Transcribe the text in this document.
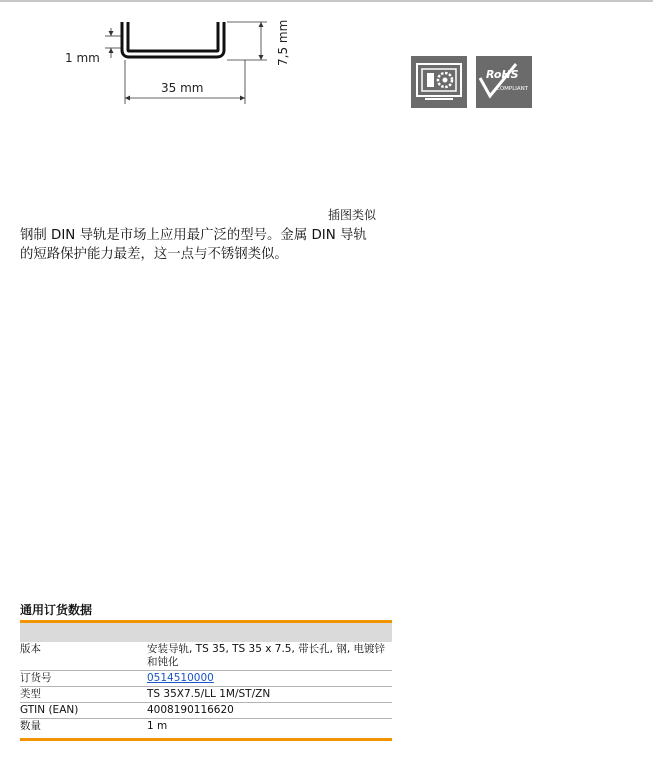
1 mm	7,5 mm
35 mm
RoHS
COMPLIANT
插图类似
钢制 DIN 导轨是市场上应用最广泛的型号。金属 DIN 导轨
的短路保护能力最差，这一点与不锈钢类似。
通用订货数据
版本	安装导轨, TS 35, TS 35 x 7.5, 带长孔, 钢, 电镀锌和钝化
订货号	0514510000
类型	TS 35X7.5/LL 1M/ST/ZN
GTIN (EAN)	4008190116620
数量	1 m
